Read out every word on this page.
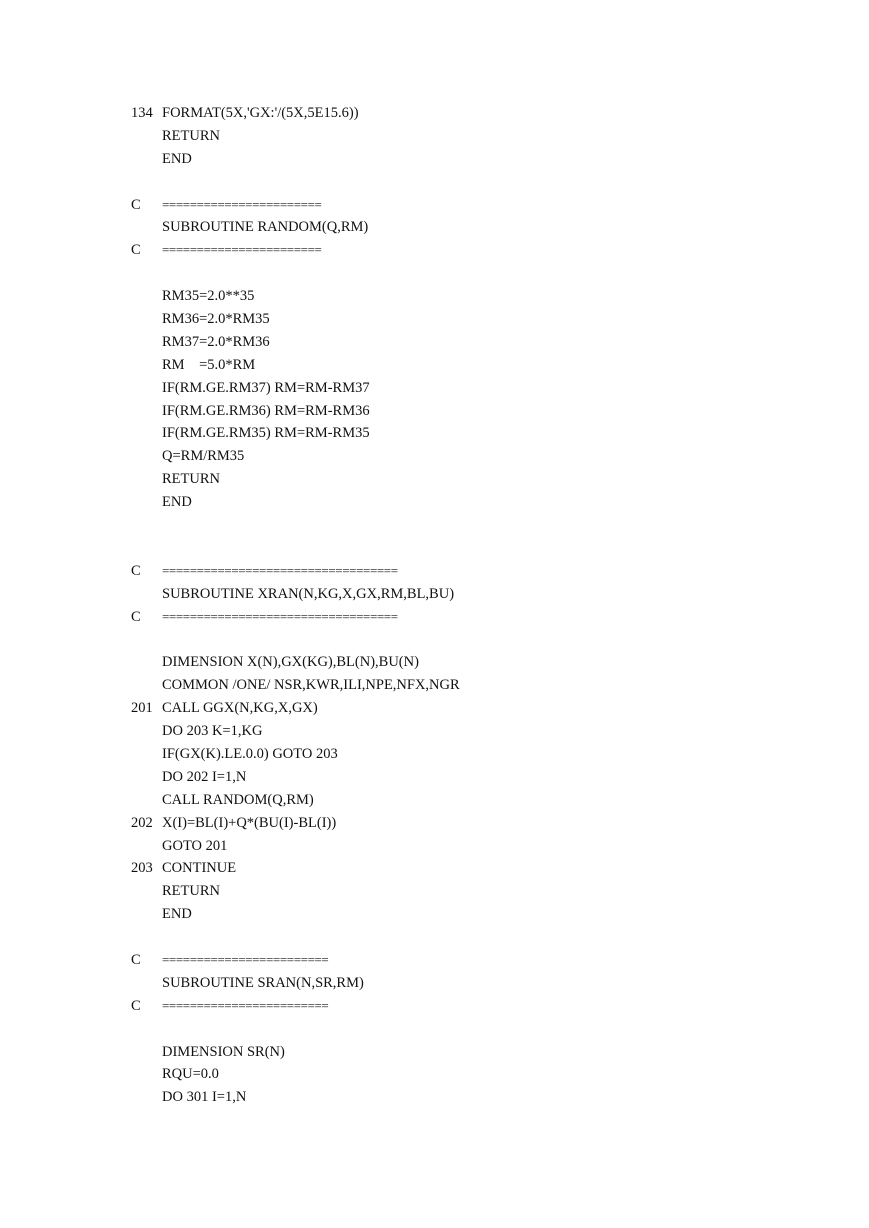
134 FORMAT(5X,'GX:'/(5X,5E15.6))
RETURN
END
C	=======================
SUBROUTINE RANDOM(Q,RM)
C	=======================
RM35=2.0**35
RM36=2.0*RM35
RM37=2.0*RM36
RM    =5.0*RM
IF(RM.GE.RM37) RM=RM-RM37
IF(RM.GE.RM36) RM=RM-RM36
IF(RM.GE.RM35) RM=RM-RM35
Q=RM/RM35
RETURN
END
C	==================================
SUBROUTINE XRAN(N,KG,X,GX,RM,BL,BU)
C	==================================
DIMENSION X(N),GX(KG),BL(N),BU(N)
COMMON /ONE/ NSR,KWR,ILI,NPE,NFX,NGR
201 CALL GGX(N,KG,X,GX)
DO 203 K=1,KG
IF(GX(K).LE.0.0) GOTO 203
DO 202 I=1,N
CALL RANDOM(Q,RM)
202 X(I)=BL(I)+Q*(BU(I)-BL(I))
GOTO 201
203 CONTINUE
RETURN
END
C	========================
SUBROUTINE SRAN(N,SR,RM)
C	========================
DIMENSION SR(N)
RQU=0.0
DO 301 I=1,N
